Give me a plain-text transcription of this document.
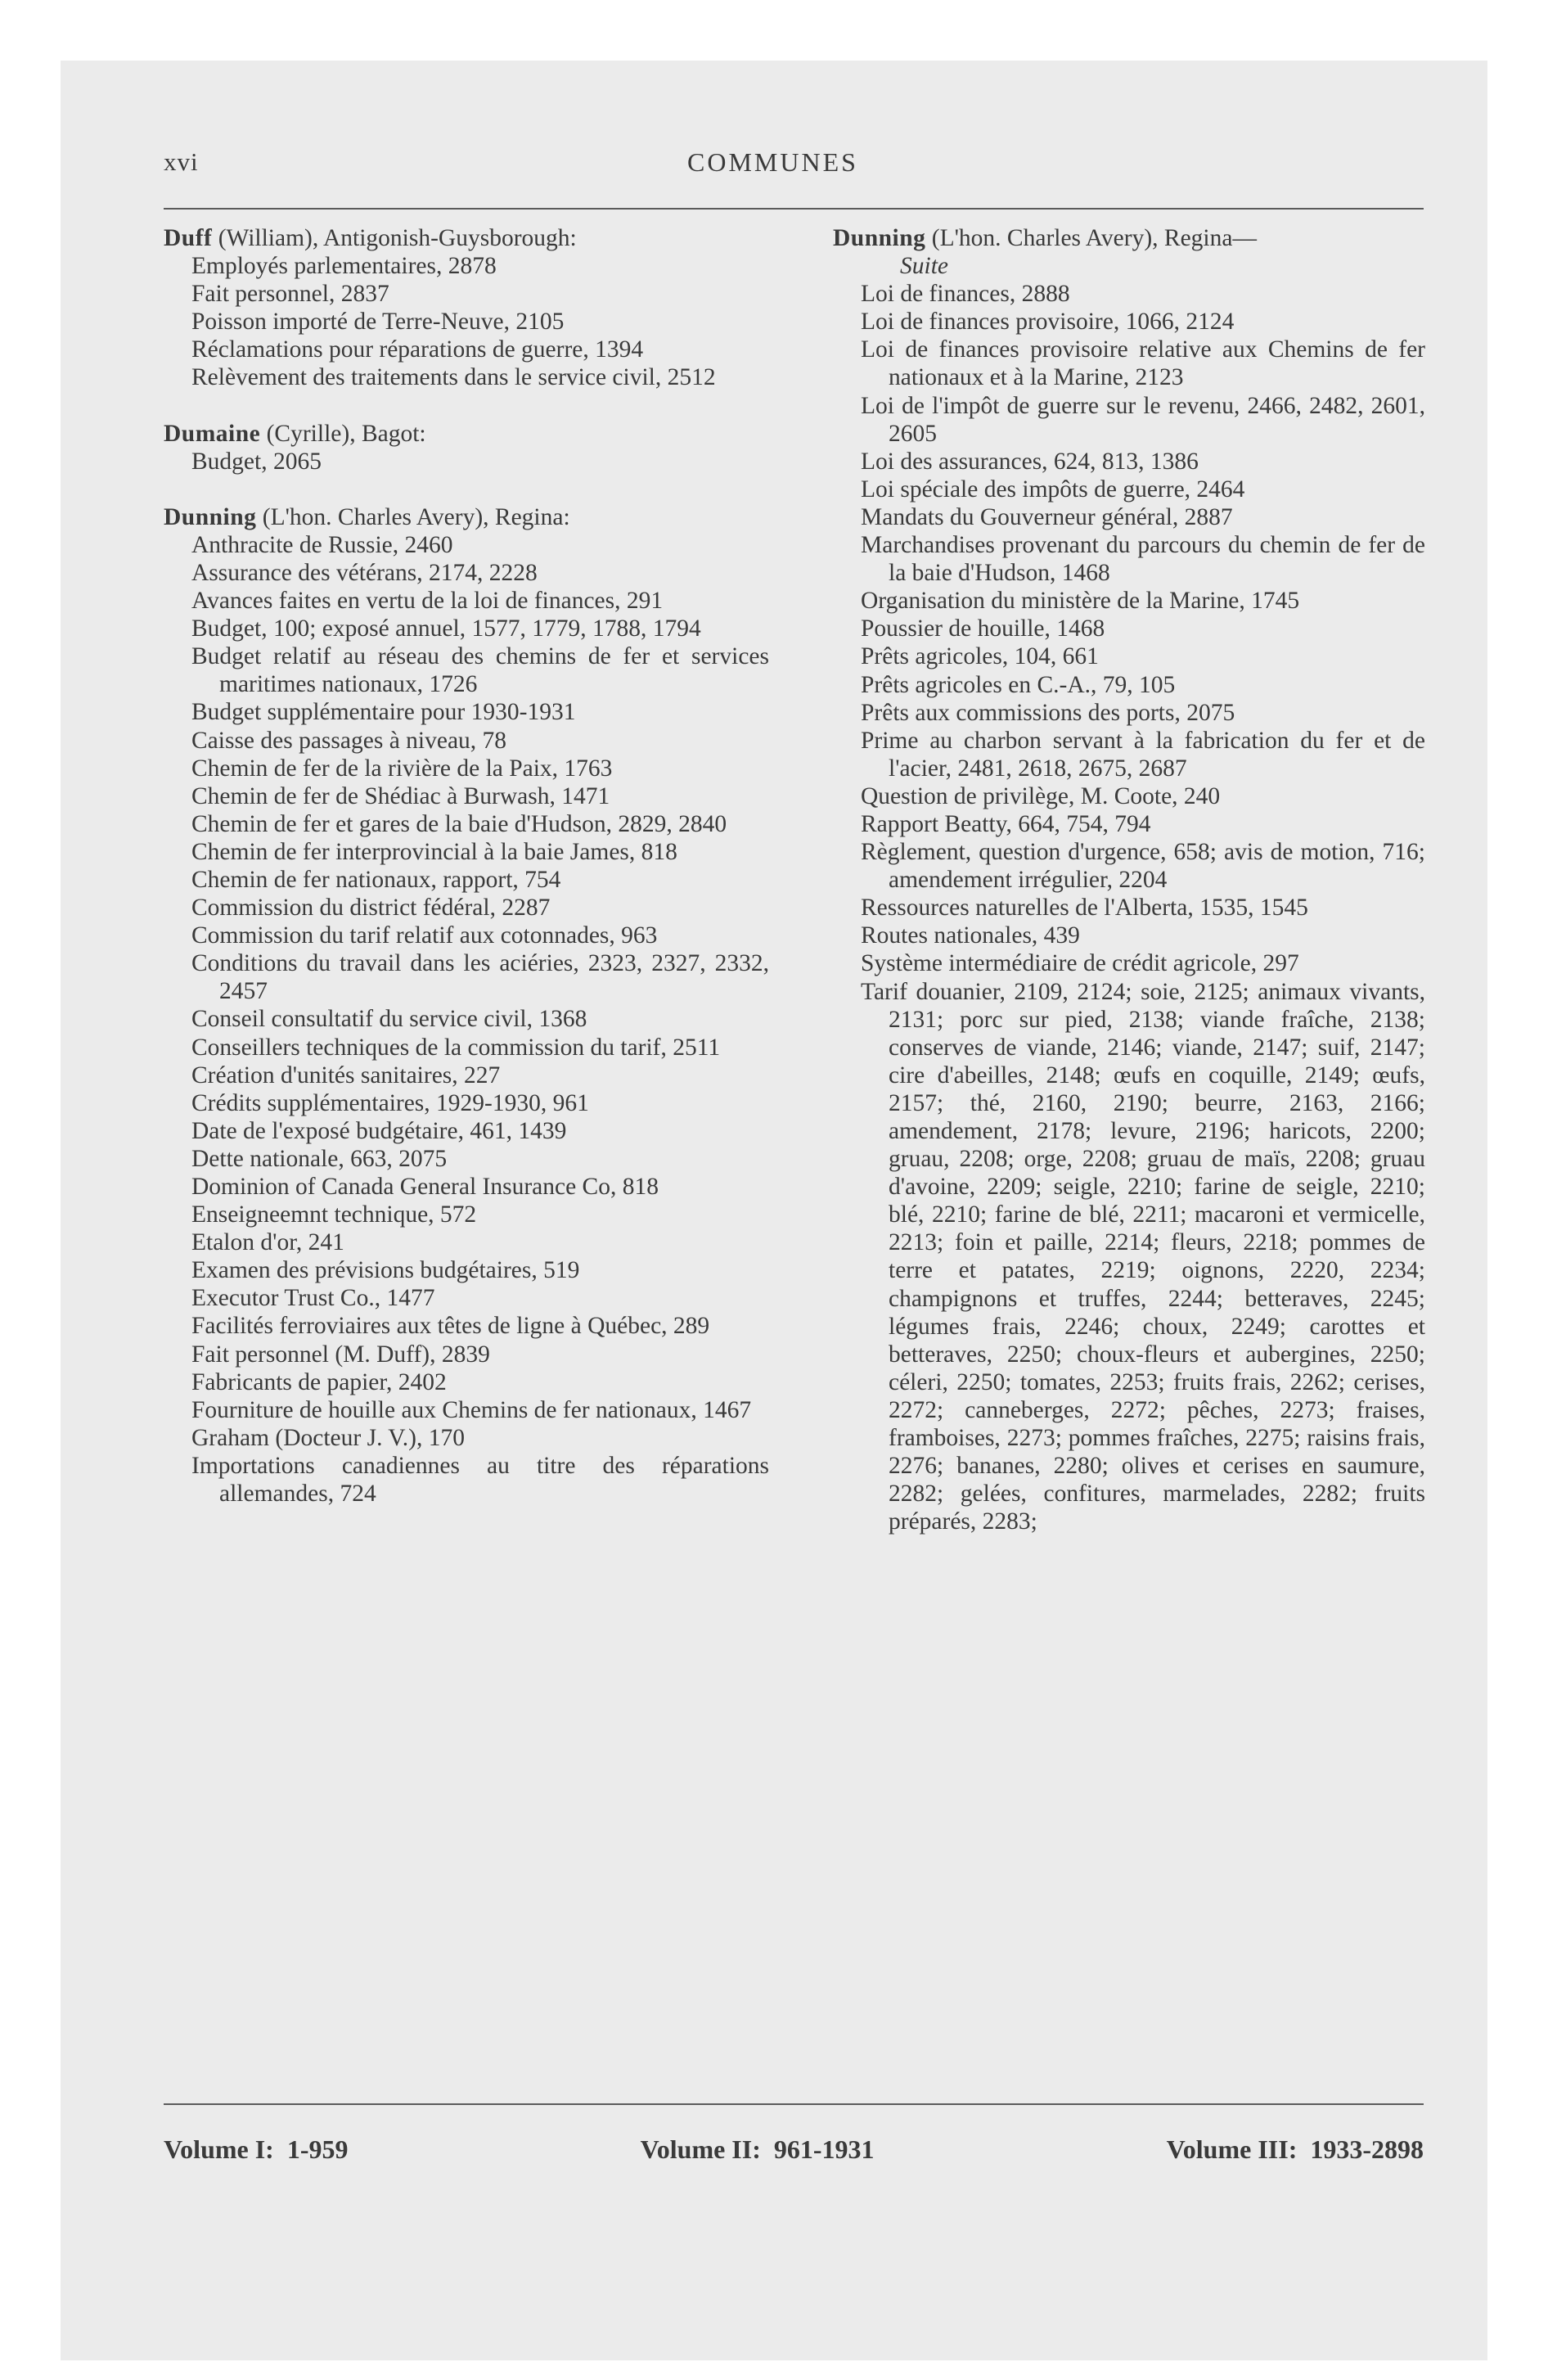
xvi	COMMUNES
Duff (William), Antigonish-Guysborough:
Employés parlementaires, 2878
Fait personnel, 2837
Poisson importé de Terre-Neuve, 2105
Réclamations pour réparations de guerre, 1394
Relèvement des traitements dans le service civil, 2512
Dumaine (Cyrille), Bagot:
Budget, 2065
Dunning (L'hon. Charles Avery), Regina:
Anthracite de Russie, 2460
Assurance des vétérans, 2174, 2228
Avances faites en vertu de la loi de finances, 291
Budget, 100; exposé annuel, 1577, 1779, 1788, 1794
Budget relatif au réseau des chemins de fer et services maritimes nationaux, 1726
Budget supplémentaire pour 1930-1931
Caisse des passages à niveau, 78
Chemin de fer de la rivière de la Paix, 1763
Chemin de fer de Shédiac à Burwash, 1471
Chemin de fer et gares de la baie d'Hudson, 2829, 2840
Chemin de fer interprovincial à la baie James, 818
Chemin de fer nationaux, rapport, 754
Commission du district fédéral, 2287
Commission du tarif relatif aux cotonnades, 963
Conditions du travail dans les aciéries, 2323, 2327, 2332, 2457
Conseil consultatif du service civil, 1368
Conseillers techniques de la commission du tarif, 2511
Création d'unités sanitaires, 227
Crédits supplémentaires, 1929-1930, 961
Date de l'exposé budgétaire, 461, 1439
Dette nationale, 663, 2075
Dominion of Canada General Insurance Co, 818
Enseigneemnt technique, 572
Etalon d'or, 241
Examen des prévisions budgétaires, 519
Executor Trust Co., 1477
Facilités ferroviaires aux têtes de ligne à Québec, 289
Fait personnel (M. Duff), 2839
Fabricants de papier, 2402
Fourniture de houille aux Chemins de fer nationaux, 1467
Graham (Docteur J. V.), 170
Importations canadiennes au titre des réparations allemandes, 724
Dunning (L'hon. Charles Avery), Regina—
Suite
Loi de finances, 2888
Loi de finances provisoire, 1066, 2124
Loi de finances provisoire relative aux Chemins de fer nationaux et à la Marine, 2123
Loi de l'impôt de guerre sur le revenu, 2466, 2482, 2601, 2605
Loi des assurances, 624, 813, 1386
Loi spéciale des impôts de guerre, 2464
Mandats du Gouverneur général, 2887
Marchandises provenant du parcours du chemin de fer de la baie d'Hudson, 1468
Organisation du ministère de la Marine, 1745
Poussier de houille, 1468
Prêts agricoles, 104, 661
Prêts agricoles en C.-A., 79, 105
Prêts aux commissions des ports, 2075
Prime au charbon servant à la fabrication du fer et de l'acier, 2481, 2618, 2675, 2687
Question de privilège, M. Coote, 240
Rapport Beatty, 664, 754, 794
Règlement, question d'urgence, 658; avis de motion, 716; amendement irrégulier, 2204
Ressources naturelles de l'Alberta, 1535, 1545
Routes nationales, 439
Système intermédiaire de crédit agricole, 297
Tarif douanier, 2109, 2124; soie, 2125; animaux vivants, 2131; porc sur pied, 2138; viande fraîche, 2138; conserves de viande, 2146; viande, 2147; suif, 2147; cire d'abeilles, 2148; œufs en coquille, 2149; œufs, 2157; thé, 2160, 2190; beurre, 2163, 2166; amendement, 2178; levure, 2196; haricots, 2200; gruau, 2208; orge, 2208; gruau de maïs, 2208; gruau d'avoine, 2209; seigle, 2210; farine de seigle, 2210; blé, 2210; farine de blé, 2211; macaroni et vermicelle, 2213; foin et paille, 2214; fleurs, 2218; pommes de terre et patates, 2219; oignons, 2220, 2234; champignons et truffes, 2244; betteraves, 2245; légumes frais, 2246; choux, 2249; carottes et betteraves, 2250; choux-fleurs et aubergines, 2250; céleri, 2250; tomates, 2253; fruits frais, 2262; cerises, 2272; canneberges, 2272; pêches, 2273; fraises, framboises, 2273; pommes fraîches, 2275; raisins frais, 2276; bananes, 2280; olives et cerises en saumure, 2282; gelées, confitures, marmelades, 2282; fruits préparés, 2283;
Volume I:  1-959	Volume II:  961-1931	Volume III:  1933-2898
